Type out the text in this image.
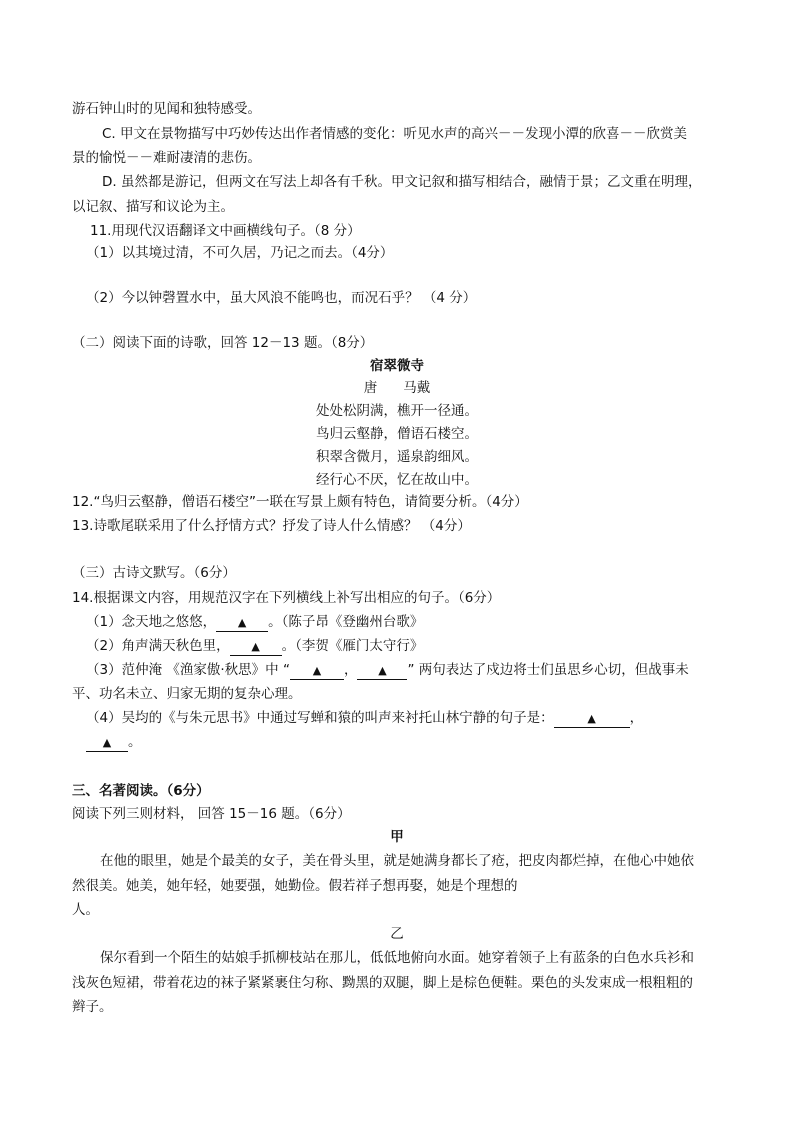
游石钟山时的见闻和独特感受。
C. 甲文在景物描写中巧妙传达出作者情感的变化：听见水声的高兴－－发现小潭的欣喜－－欣赏美
景的愉悦－－难耐凄清的悲伤。
D. 虽然都是游记，但两文在写法上却各有千秋。甲文记叙和描写相结合，融情于景；乙文重在明理，
以记叙、描写和议论为主。
11.用现代汉语翻译文中画横线句子。（8 分）
（1）以其境过清，不可久居，乃记之而去。（4分）
（2）今以钟磬置水中，虽大风浪不能鸣也，而况石乎？ （4 分）
（二）阅读下面的诗歌，回答 12－13 题。（8分）
宿翠微寺
唐 马戴
处处松阴满，樵开一径通。
鸟归云壑静，僧语石楼空。
积翠含微月，遥泉韵细风。
经行心不厌，忆在故山中。
12.“鸟归云壑静，僧语石楼空”一联在写景上颇有特色，请简要分析。（4分）
13.诗歌尾联采用了什么抒情方式？抒发了诗人什么情感？ （4分）
（三）古诗文默写。（6分）
14.根据课文内容，用规范汉字在下列横线上补写出相应的句子。（6分）
（1）念天地之悠悠， ▲ 。（陈子昂《登幽州台歌》
（2）角声满天秋色里， ▲ 。（李贺《雁门太守行》
（3）范仲淹 《渔家傲·秋思》中 “ ▲ ， ▲ ” 两句表达了戍边将士们虽思乡心切，但战事未
平、功名未立、归家无期的复杂心理。
（4）吴均的《与朱元思书》中通过写蝉和猿的叫声来衬托山林宁静的句子是：	▲	，
▲ 。
三、名著阅读。（6分）
阅读下列三则材料， 回答 15－16 题。（6分）
甲
在他的眼里，她是个最美的女子，美在骨头里，就是她满身都长了疮，把皮肉都烂掉，在他心中她依
然很美。她美，她年轻，她要强，她勤俭。假若祥子想再娶，她是个理想的
人。
乙
保尔看到一个陌生的姑娘手抓柳枝站在那儿，低低地俯向水面。她穿着领子上有蓝条的白色水兵衫和
浅灰色短裙，带着花边的袜子紧紧裹住匀称、黝黑的双腿，脚上是棕色便鞋。栗色的头发束成一根粗粗的
辫子。
